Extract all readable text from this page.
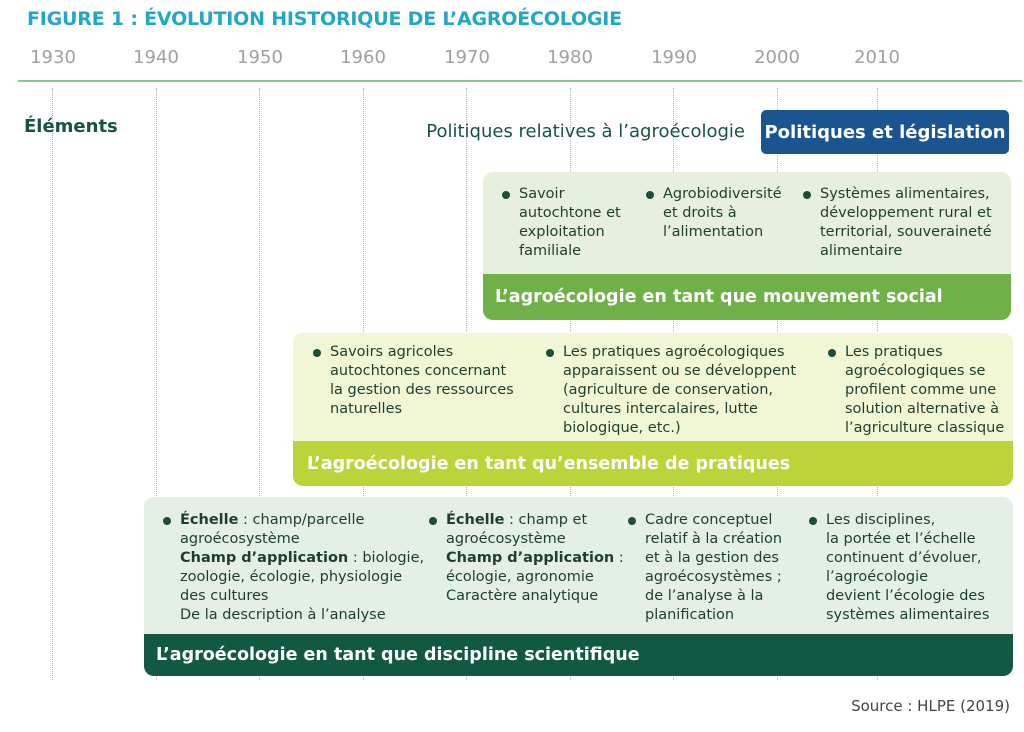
FIGURE 1 : ÉVOLUTION HISTORIQUE DE L’AGROÉCOLOGIE
1930	1940	1950	1960	1970	1980	1990	2000	2010
Éléments	Politiques relatives à l’agroécologie Politiques et législation
Savoir
autochtone et
exploitation
familiale
Agrobiodiversité
et droits à
l’alimentation
Systèmes alimentaires,
développement rural et
territorial, souveraineté
alimentaire
L’agroécologie en tant que mouvement social
Savoirs agricoles
autochtones concernant
la gestion des ressources
naturelles
Les pratiques agroécologiques
apparaissent ou se développent
(agriculture de conservation,
cultures intercalaires, lutte
biologique, etc.)
Les pratiques
agroécologiques se
profilent comme une
solution alternative à
l’agriculture classique
L’agroécologie en tant qu’ensemble de pratiques
Échelle : champ/parcelle
agroécosystème
Champ d’application : biologie,
zoologie, écologie, physiologie
des cultures
De la description à l’analyse
Échelle : champ et
agroécosystème
Champ d’application :
écologie, agronomie
Caractère analytique
Cadre conceptuel
relatif à la création
et à la gestion des
agroécosystèmes ;
de l’analyse à la
planification
Les disciplines,
la portée et l’échelle
continuent d’évoluer,
l’agroécologie
devient l’écologie des
systèmes alimentaires
L’agroécologie en tant que discipline scientifique
Source : HLPE (2019)
